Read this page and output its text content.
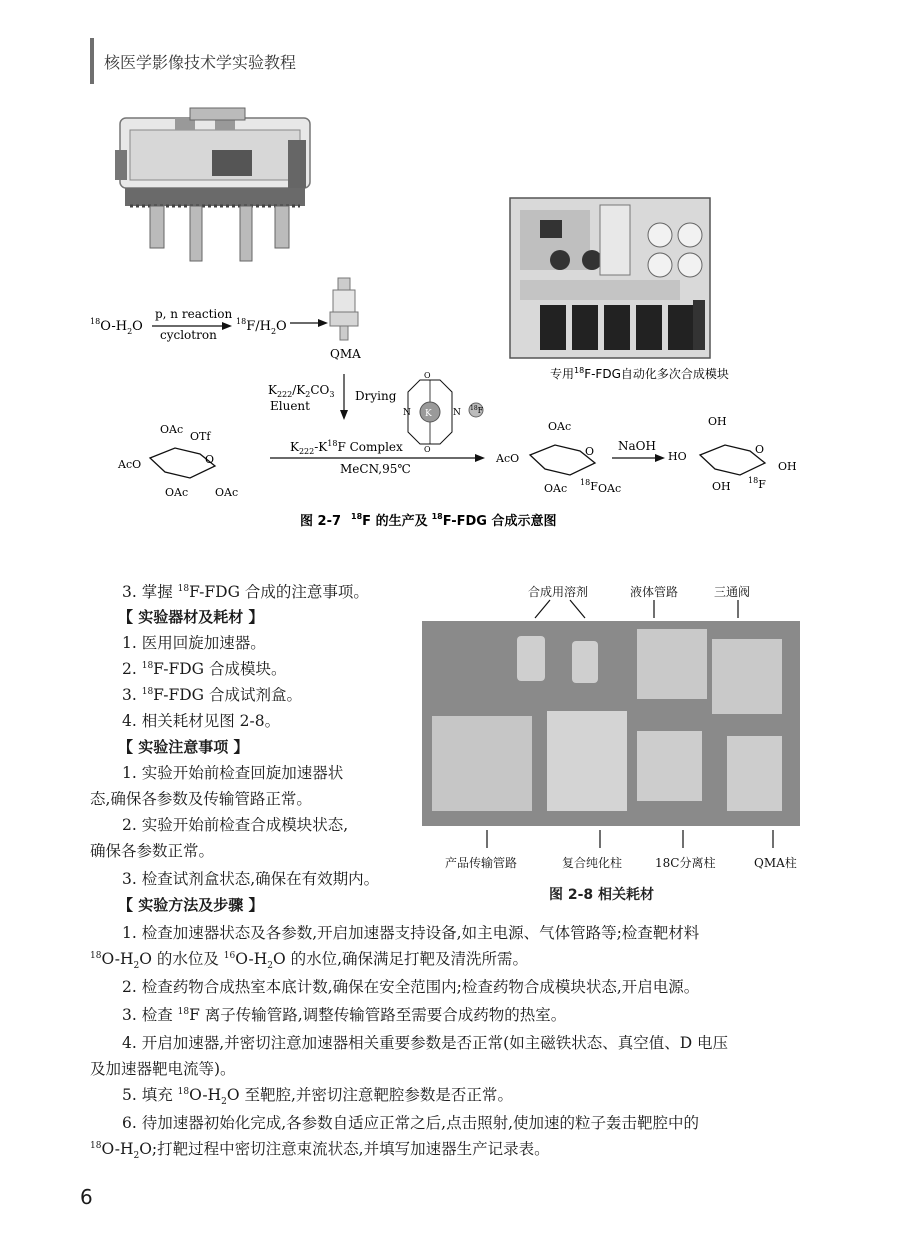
核医学影像技术学实验教程
$^{18}O-H_2O$
p, n reaction
cyclotron
$^{18}F/H_2O$
QMA
专用$^{18}$F-FDG自动化多次合成模块
$K_{222}/K_2CO_3$
Eluent
Drying
K
$^{18}$F
N	N
O
O
OAc
OTf
AcO	O
OAc OAc
$K_{222}-K^{18}F$ Complex
MeCN,95℃
OAc
AcO
O
OAc $^{18}$F OAc
NaOH
OH
HO
O
OH
OH $^{18}$F
图 2-7 $^{18}$F 的生产及 $^{18}$F-FDG 合成示意图
合成用溶剂	液体管路	三通阀
产品传输管路	复合纯化柱	18C分离柱	QMA柱
图 2-8 相关耗材
3. 掌握 $^{18}$F-FDG 合成的注意事项。
【 实验器材及耗材 】
1. 医用回旋加速器。
2. $^{18}$F-FDG 合成模块。
3. $^{18}$F-FDG 合成试剂盒。
4. 相关耗材见图 2-8。
【 实验注意事项 】
1. 实验开始前检查回旋加速器状
态,确保各参数及传输管路正常。
2. 实验开始前检查合成模块状态,
确保各参数正常。
3. 检查试剂盒状态,确保在有效期内。
【 实验方法及步骤 】
1. 检查加速器状态及各参数,开启加速器支持设备,如主电源、气体管路等;检查靶材料
$^{18}O-H_2O$ 的水位及 $^{16}O-H_2O$ 的水位,确保满足打靶及清洗所需。
2. 检查药物合成热室本底计数,确保在安全范围内;检查药物合成模块状态,开启电源。
3. 检查 $^{18}$F 离子传输管路,调整传输管路至需要合成药物的热室。
4. 开启加速器,并密切注意加速器相关重要参数是否正常(如主磁铁状态、真空值、D 电压
及加速器靶电流等)。
5. 填充 $^{18}O-H_2O$ 至靶腔,并密切注意靶腔参数是否正常。
6. 待加速器初始化完成,各参数自适应正常之后,点击照射,使加速的粒子轰击靶腔中的
$^{18}O-H_2O$;打靶过程中密切注意束流状态,并填写加速器生产记录表。
6
